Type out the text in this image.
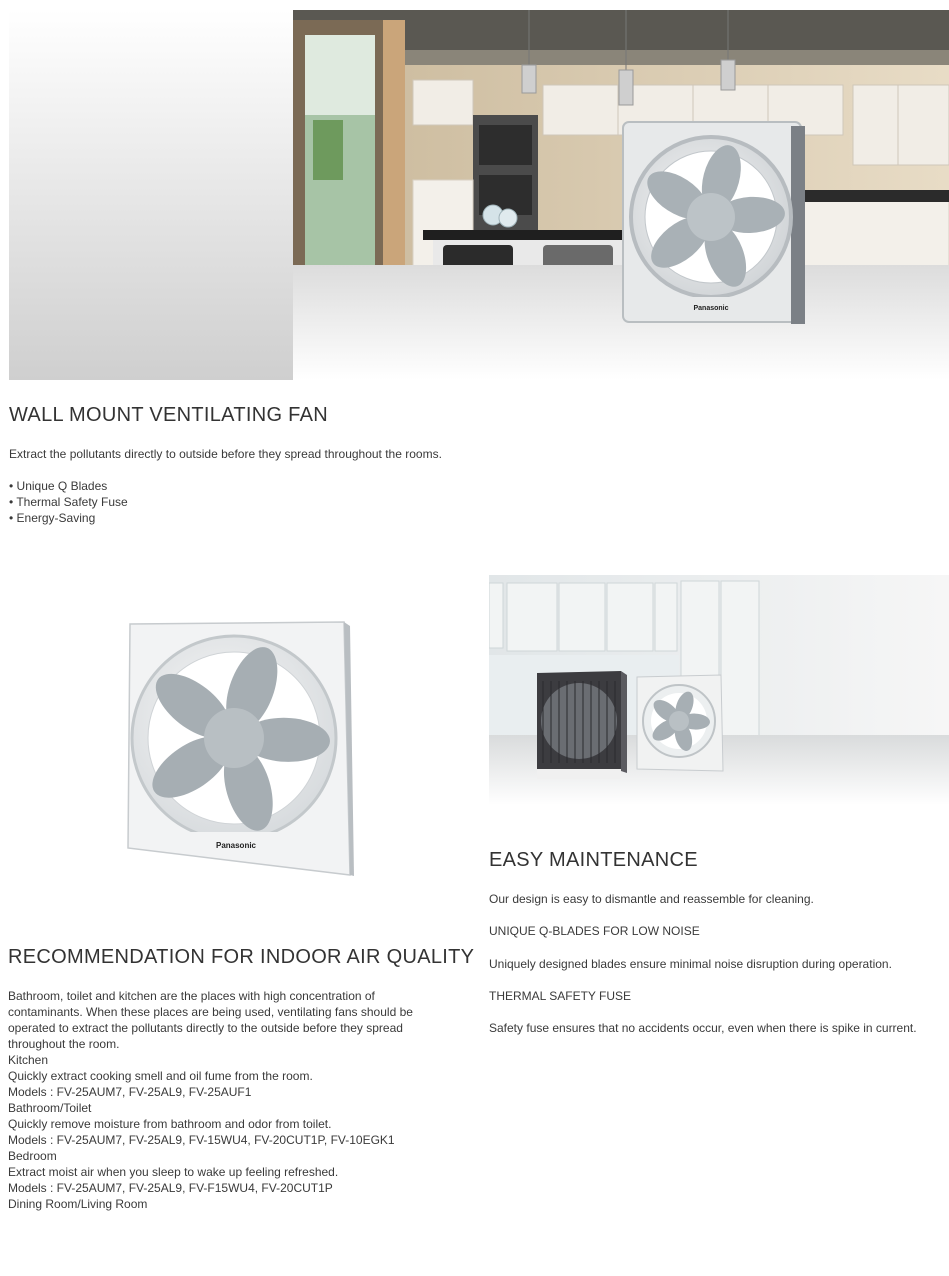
Panasonic
WALL MOUNT VENTILATING FAN

Extract the pollutants directly to outside before they spread throughout the rooms.

• Unique Q Blades
• Thermal Safety Fuse
• Energy-Saving
Panasonic
EASY MAINTENANCE

Our design is easy to dismantle and reassemble for cleaning.

UNIQUE Q-BLADES FOR LOW NOISE

Uniquely designed blades ensure minimal noise disruption during operation.

THERMAL SAFETY FUSE

Safety fuse ensures that no accidents occur, even when there is spike in current.

RECOMMENDATION FOR INDOOR AIR QUALITY
Bathroom, toilet and kitchen are the places with high concentration of
contaminants. When these places are being used, ventilating fans should be
operated to extract the pollutants directly to the outside before they spread
throughout the room.
Kitchen
Quickly extract cooking smell and oil fume from the room.
Models : FV-25AUM7, FV-25AL9, FV-25AUF1
Bathroom/Toilet
Quickly remove moisture from bathroom and odor from toilet.
Models : FV-25AUM7, FV-25AL9, FV-15WU4, FV-20CUT1P, FV-10EGK1
Bedroom
Extract moist air when you sleep to wake up feeling refreshed.
Models : FV-25AUM7, FV-25AL9, FV-F15WU4, FV-20CUT1P
Dining Room/Living Room
